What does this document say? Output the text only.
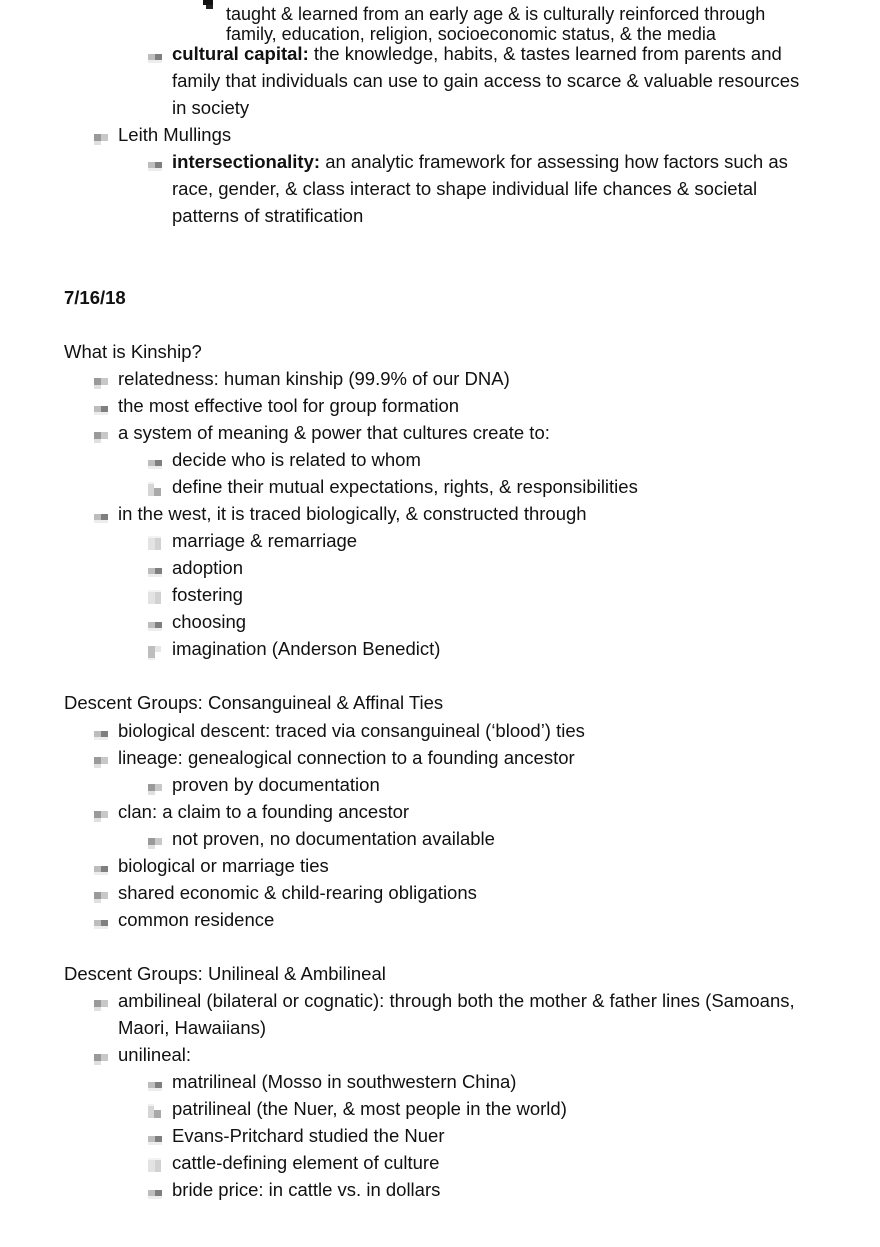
taught & learned from an early age & is culturally reinforced through
family, education, religion, socioeconomic status, & the media
cultural capital: the knowledge, habits, & tastes learned from parents and family that individuals can use to gain access to scarce & valuable resources in society
Leith Mullings
intersectionality: an analytic framework for assessing how factors such as race, gender, & class interact to shape individual life chances & societal patterns of stratification
7/16/18
What is Kinship?
relatedness: human kinship (99.9% of our DNA)
the most effective tool for group formation
a system of meaning & power that cultures create to:
decide who is related to whom
define their mutual expectations, rights, & responsibilities
in the west, it is traced biologically, & constructed through
marriage & remarriage
adoption
fostering
choosing
imagination (Anderson Benedict)
Descent Groups: Consanguineal & Affinal Ties
biological descent: traced via consanguineal (‘blood’) ties
lineage: genealogical connection to a founding ancestor
proven by documentation
clan: a claim to a founding ancestor
not proven, no documentation available
biological or marriage ties
shared economic & child-rearing obligations
common residence
Descent Groups: Unilineal & Ambilineal
ambilineal (bilateral or cognatic): through both the mother & father lines (Samoans, Maori, Hawaiians)
unilineal:
matrilineal (Mosso in southwestern China)
patrilineal (the Nuer, & most people in the world)
Evans-Pritchard studied the Nuer
cattle-defining element of culture
bride price: in cattle vs. in dollars
